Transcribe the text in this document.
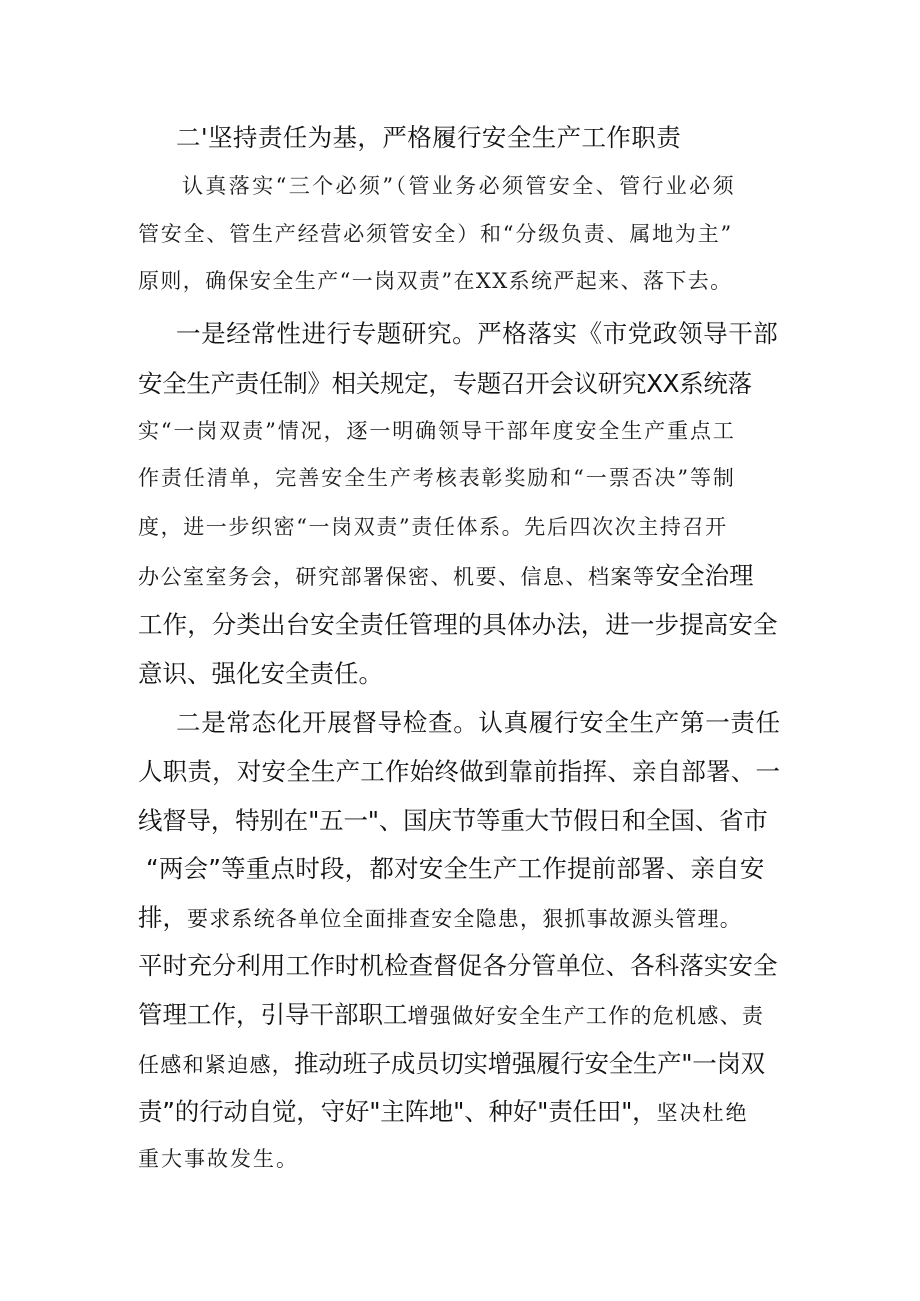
二'坚持责任为基，严格履行安全生产工作职责
认真落实“三个必须”（管业务必须管安全、管行业必须
管安全、管生产经营必须管安全）和“分级负责、属地为主”
原则，确保安全生产“一岗双责”在XX系统严起来、落下去。
一是经常性进行专题研究。严格落实《市党政领导干部
安全生产责任制》相关规定，专题召开会议研究XX系统落
实“一岗双责”情况，逐一明确领导干部年度安全生产重点工
作责任清单，完善安全生产考核表彰奖励和“一票否决”等制
度，进一步织密“一岗双责”责任体系。先后四次次主持召开
办公室室务会，研究部署保密、机要、信息、档案等安全治理
工作，分类出台安全责任管理的具体办法，进一步提高安全
意识、强化安全责任。
二是常态化开展督导检查。认真履行安全生产第一责任
人职责，对安全生产工作始终做到靠前指挥、亲自部署、一
线督导，特别在"五一"、国庆节等重大节假日和全国、省市
“两会”等重点时段，都对安全生产工作提前部署、亲自安
排，要求系统各单位全面排查安全隐患，狠抓事故源头管理。
平时充分利用工作时机检查督促各分管单位、各科落实安全
管理工作，引导干部职工增强做好安全生产工作的危机感、责
任感和紧迫感，推动班子成员切实增强履行安全生产"一岗双
责”的行动自觉，守好"主阵地"、种好"责任田"，坚决杜绝
重大事故发生。
